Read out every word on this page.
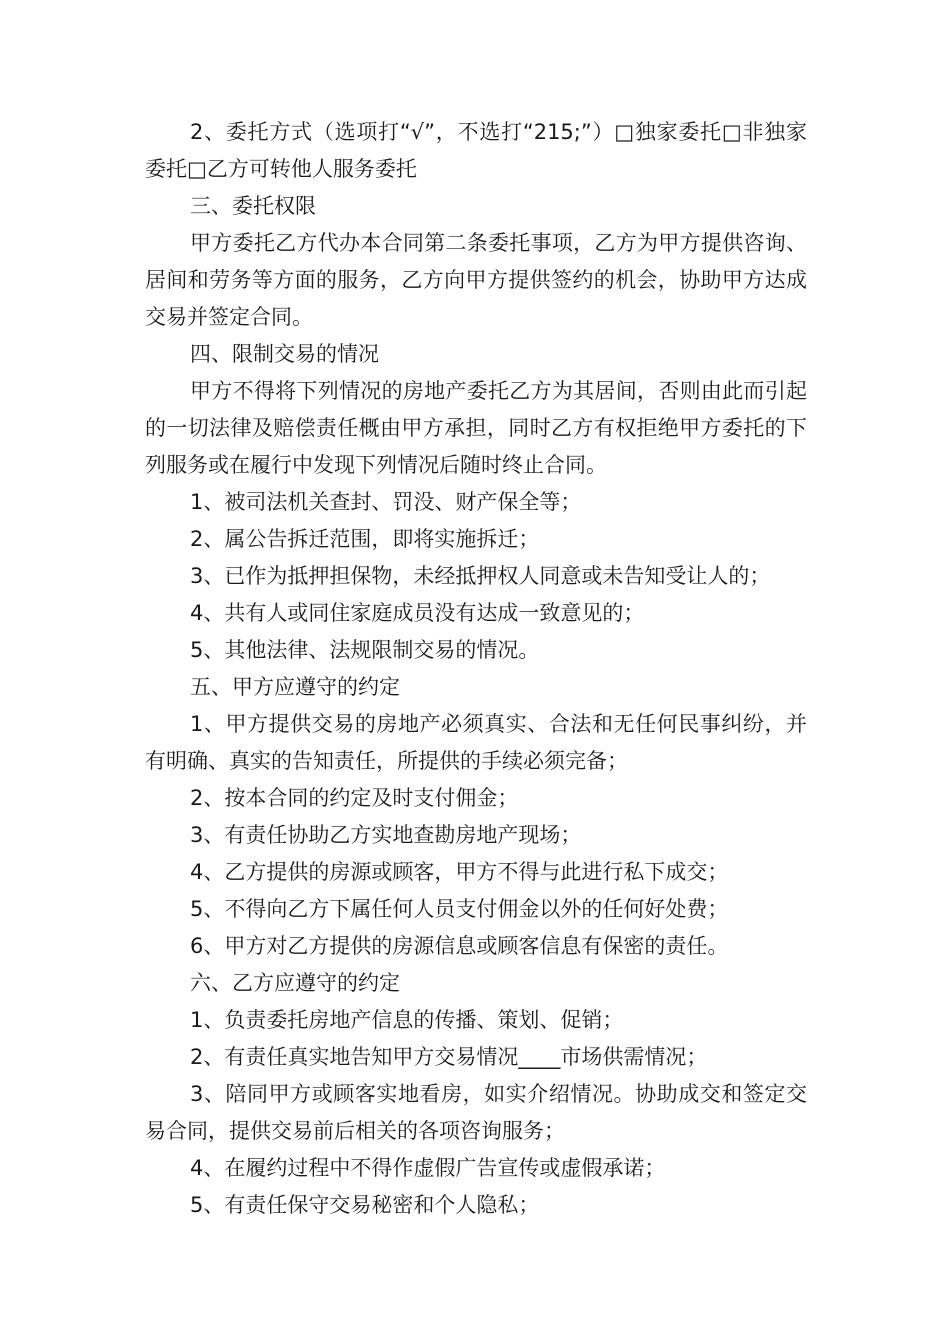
2、委托方式（选项打“√”，不选打“215;”）□独家委托□非独家委托□乙方可转他人服务委托

三、委托权限

甲方委托乙方代办本合同第二条委托事项，乙方为甲方提供咨询、居间和劳务等方面的服务，乙方向甲方提供签约的机会，协助甲方达成交易并签定合同。

四、限制交易的情况

甲方不得将下列情况的房地产委托乙方为其居间，否则由此而引起的一切法律及赔偿责任概由甲方承担，同时乙方有权拒绝甲方委托的下列服务或在履行中发现下列情况后随时终止合同。

1、被司法机关查封、罚没、财产保全等；

2、属公告拆迁范围，即将实施拆迁；

3、已作为抵押担保物，未经抵押权人同意或未告知受让人的；

4、共有人或同住家庭成员没有达成一致意见的；

5、其他法律、法规限制交易的情况。

五、甲方应遵守的约定

1、甲方提供交易的房地产必须真实、合法和无任何民事纠纷，并有明确、真实的告知责任，所提供的手续必须完备；

2、按本合同的约定及时支付佣金；

3、有责任协助乙方实地查勘房地产现场；

4、乙方提供的房源或顾客，甲方不得与此进行私下成交；

5、不得向乙方下属任何人员支付佣金以外的任何好处费；

6、甲方对乙方提供的房源信息或顾客信息有保密的责任。

六、乙方应遵守的约定

1、负责委托房地产信息的传播、策划、促销；

2、有责任真实地告知甲方交易情况____市场供需情况；

3、陪同甲方或顾客实地看房，如实介绍情况。协助成交和签定交易合同，提供交易前后相关的各项咨询服务；

4、在履约过程中不得作虚假广告宣传或虚假承诺；

5、有责任保守交易秘密和个人隐私；
